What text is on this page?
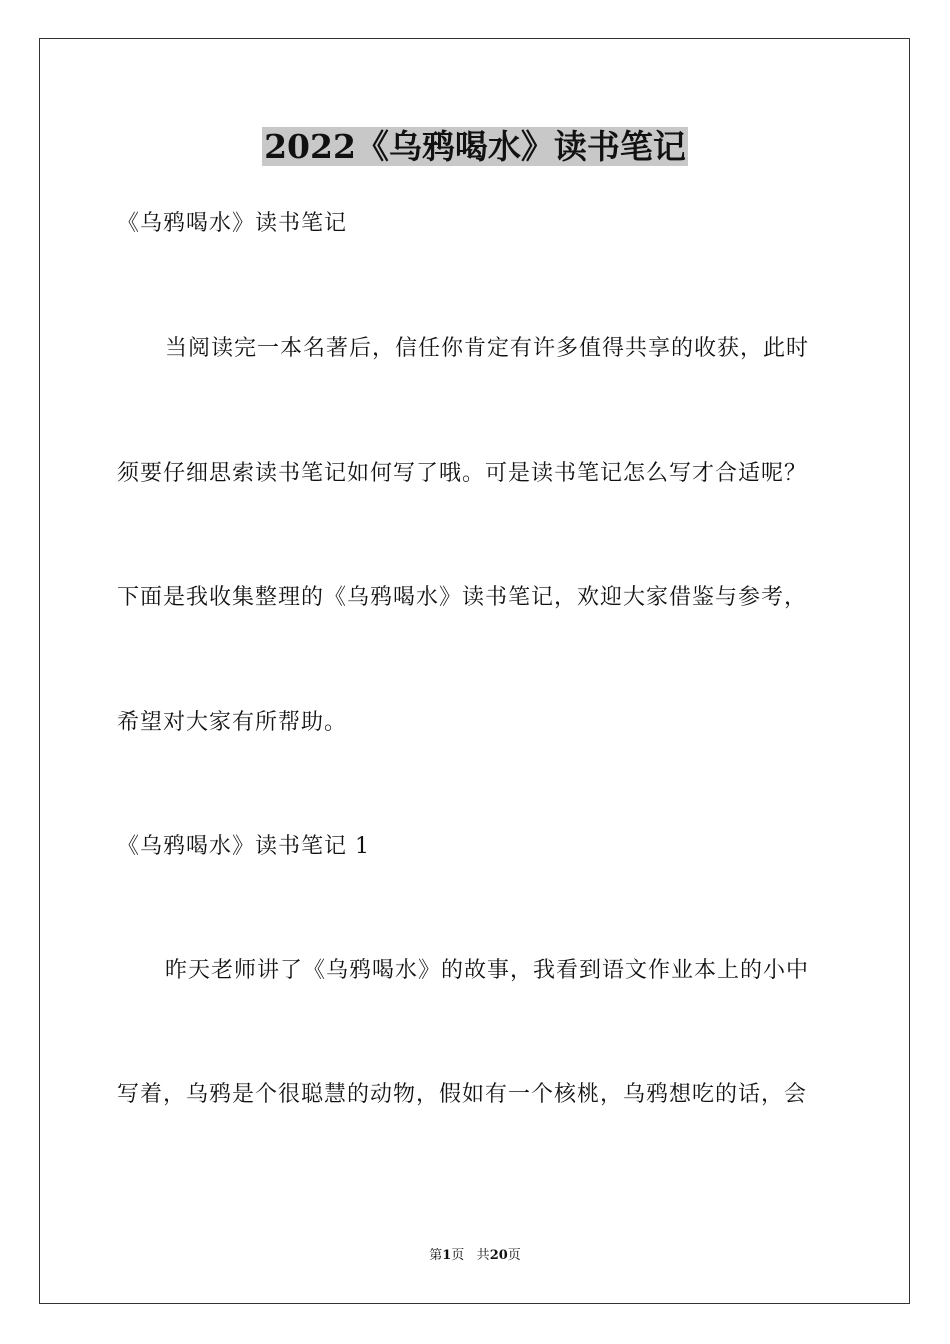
2022《乌鸦喝水》读书笔记
《乌鸦喝水》读书笔记
当阅读完一本名著后，信任你肯定有许多值得共享的收获，此时
须要仔细思索读书笔记如何写了哦。可是读书笔记怎么写才合适呢？
下面是我收集整理的《乌鸦喝水》读书笔记，欢迎大家借鉴与参考，
希望对大家有所帮助。
《乌鸦喝水》读书笔记 1
昨天老师讲了《乌鸦喝水》的故事，我看到语文作业本上的小中
写着，乌鸦是个很聪慧的动物，假如有一个核桃，乌鸦想吃的话，会
第1页 共20页
